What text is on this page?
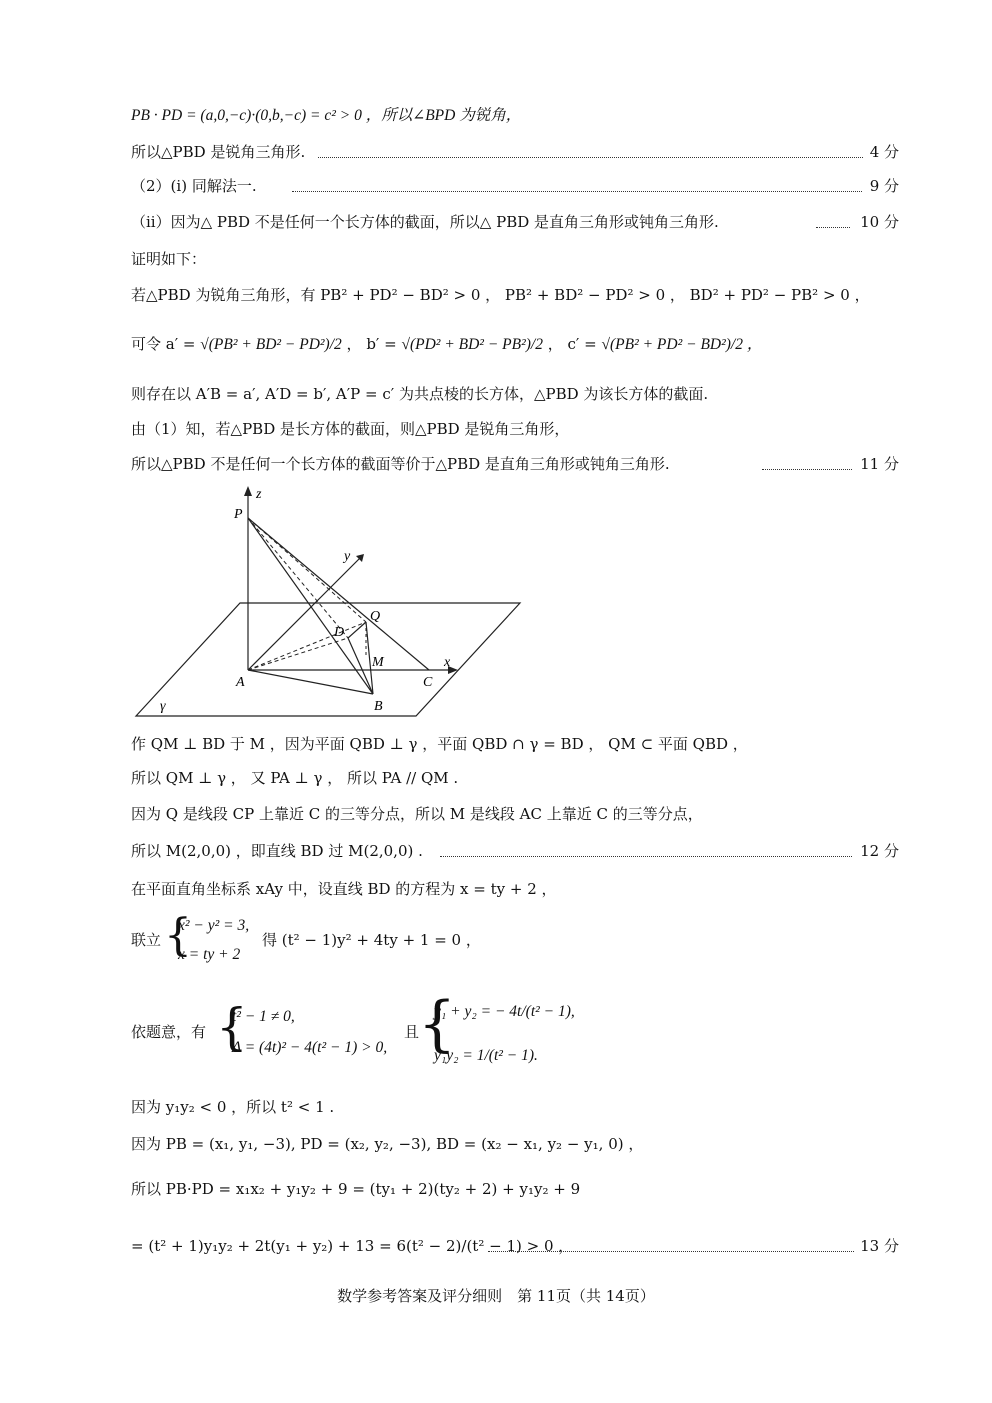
PB · PD = (a,0,−c)·(0,b,−c) = c² > 0 ，所以∠BPD 为锐角，
所以△PBD 是锐角三角形.	4 分
（2）(i) 同解法一.	9 分
（ii）因为△ PBD 不是任何一个长方体的截面，所以△ PBD 是直角三角形或钝角三角形.	10 分
证明如下：
若△PBD 为锐角三角形，有 PB² + PD² − BD² > 0 ， PB² + BD² − PD² > 0 ， BD² + PD² − PB² > 0 ，
可令 a′ = √(PB² + BD² − PD²)/2 ， b′ = √(PD² + BD² − PB²)/2 ， c′ = √(PB² + PD² − BD²)/2 ，
则存在以 A′B = a′, A′D = b′, A′P = c′ 为共点棱的长方体，△PBD 为该长方体的截面.
由（1）知，若△PBD 是长方体的截面，则△PBD 是锐角三角形，
所以△PBD 不是任何一个长方体的截面等价于△PBD 是直角三角形或钝角三角形.	11 分
P
z
y
Q
D
M	x
A	C
B
γ
作 QM ⊥ BD 于 M ，因为平面 QBD ⊥ γ ，平面 QBD ∩ γ = BD ， QM ⊂ 平面 QBD ，
所以 QM ⊥ γ ， 又 PA ⊥ γ ， 所以 PA // QM .
因为 Q 是线段 CP 上靠近 C 的三等分点，所以 M 是线段 AC 上靠近 C 的三等分点，
所以 M(2,0,0) ，即直线 BD 过 M(2,0,0) .	12 分
在平面直角坐标系 xAy 中，设直线 BD 的方程为 x = ty + 2 ，
联立 {
x² − y² = 3,
x = ty + 2
得 (t² − 1)y² + 4ty + 1 = 0 ，
依题意，有 {
t² − 1 ≠ 0,
Δ = (4t)² − 4(t² − 1) > 0,
且
{
y₁ + y₂ = − 4t/(t² − 1),
y₁y₂ = 1/(t² − 1).
因为 y₁y₂ < 0 ，所以 t² < 1 .
因为 PB = (x₁, y₁, −3), PD = (x₂, y₂, −3), BD = (x₂ − x₁, y₂ − y₁, 0) ，
所以 PB·PD = x₁x₂ + y₁y₂ + 9 = (ty₁ + 2)(ty₂ + 2) + y₁y₂ + 9
= (t² + 1)y₁y₂ + 2t(y₁ + y₂) + 13 = 6(t² − 2)/(t² − 1) > 0 ，	13 分
数学参考答案及评分细则　第 11页（共 14页）
